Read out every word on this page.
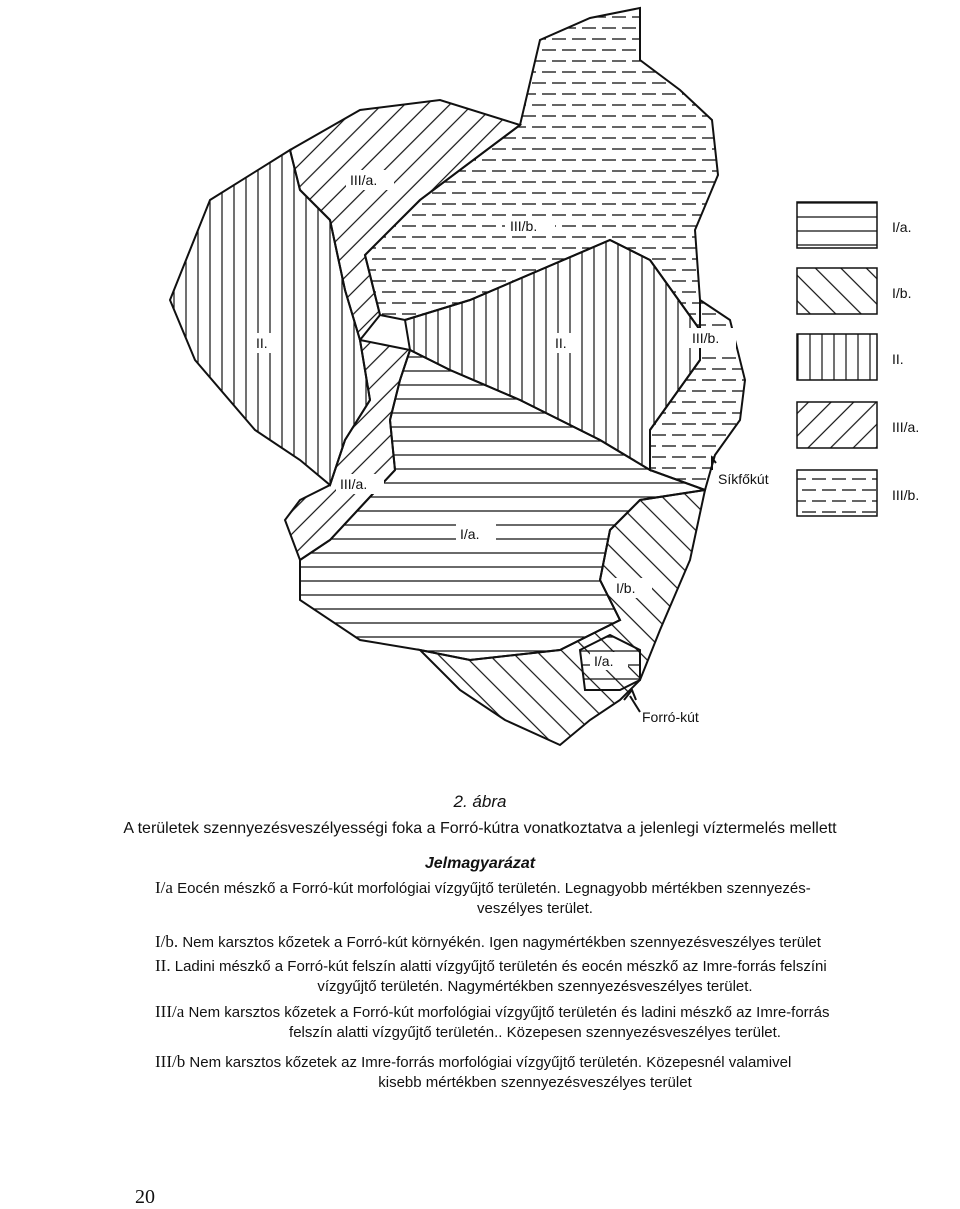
III/a.
III/b.
II.	II.	III/b.
III/a.
I/a.
I/b.
I/a.
Síkfőkút
Forró-kút
I/a.
I/b.
II.
III/a.
III/b.
2. ábra
A területek szennyezésveszélyességi foka a Forró-kútra vonatkoztatva a jelenlegi víztermelés mellett
Jelmagyarázat
I/a Eocén mészkő a Forró-kút morfológiai vízgyűjtő területén. Legnagyobb mértékben szennyezés-
veszélyes terület.
I/b. Nem karsztos kőzetek a Forró-kút környékén. Igen nagymértékben szennyezésveszélyes terület
II. Ladini mészkő a Forró-kút felszín alatti vízgyűjtő területén és eocén mészkő az Imre-forrás felszíni
vízgyűjtő területén. Nagymértékben szennyezésveszélyes terület.
III/a Nem karsztos kőzetek a Forró-kút morfológiai vízgyűjtő területén és ladini mészkő az Imre-forrás
felszín alatti vízgyűjtő területén.. Közepesen szennyezésveszélyes terület.
III/b Nem karsztos kőzetek az Imre-forrás morfológiai vízgyűjtő területén. Közepesnél valamivel
kisebb mértékben szennyezésveszélyes terület
20
